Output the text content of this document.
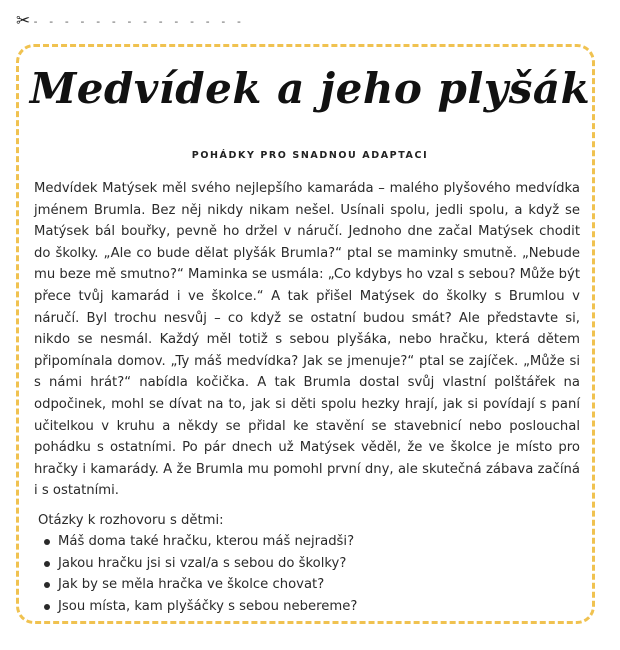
✂ - - - - - - - - - - - - - -
Medvídek a jeho plyšák
POHÁDKY PRO SNADNOU ADAPTACI

Medvídek Matýsek měl svého nejlepšího kamaráda – malého plyšového medvídka jménem Brumla. Bez něj nikdy nikam nešel. Usínali spolu, jedli spolu, a když se Matýsek bál bouřky, pevně ho držel v náručí. Jednoho dne začal Matýsek chodit do školky. „Ale co bude dělat plyšák Brumla?“ ptal se maminky smutně. „Nebude mu beze mě smutno?“ Maminka se usmála: „Co kdybys ho vzal s sebou? Může být přece tvůj kamarád i ve školce.“ A tak přišel Matýsek do školky s Brumlou v náručí. Byl trochu nesvůj – co když se ostatní budou smát? Ale představte si, nikdo se nesmál. Každý měl totiž s sebou plyšáka, nebo hračku, která dětem připomínala domov. „Ty máš medvídka? Jak se jmenuje?“ ptal se zajíček. „Může si s námi hrát?“ nabídla kočička. A tak Brumla dostal svůj vlastní polštářek na odpočinek, mohl se dívat na to, jak si děti spolu hezky hrají, jak si povídají s paní učitelkou v kruhu a někdy se přidal ke stavění se stavebnicí nebo poslouchal pohádku s ostatními. Po pár dnech už Matýsek věděl, že ve školce je místo pro hračky i kamarády. A že Brumla mu pomohl první dny, ale skutečná zábava začíná i s ostatními.

Otázky k rozhovoru s dětmi:
Máš doma také hračku, kterou máš nejradši?
Jakou hračku jsi si vzal/a s sebou do školky?
Jak by se měla hračka ve školce chovat?
Jsou místa, kam plyšáčky s sebou nebereme?
